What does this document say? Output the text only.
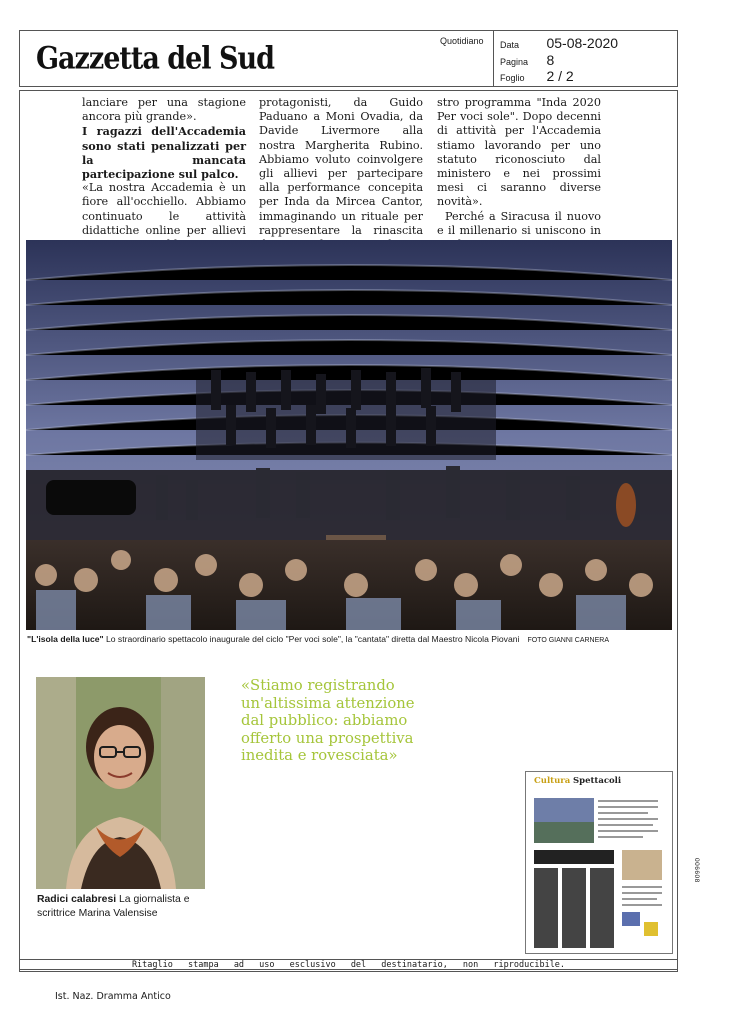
Gazzetta del Sud	Quotidiano Data 05-08-2020
Pagina 8
Foglio 2 / 2

lanciare per una stagione ancora più grande».

I ragazzi dell'Accademia sono stati penalizzati per la mancata partecipazione sul palco.

«La nostra Accademia è un fiore all'occhiello. Abbiamo continuato le attività didattiche online per allievi

protagonisti, da Guido Paduano a Moni Ovadia, da Davide Livermore alla nostra Margherita Rubino. Abbiamo voluto coinvolgere gli allievi per partecipare alla performance concepita per Inda da Mircea Cantor, immaginando un rituale per rappresentare la rinascita

stro programma "Inda 2020 Per voci sole". Dopo decenni di attività per l'Accademia stiamo lavorando per uno statuto riconosciuto dal ministero e nei prossimi mesi ci saranno diverse novità».

Perché a Siracusa il nuovo e il millenario si uniscono in

"L'isola della luce" Lo straordinario spettacolo inaugurale del ciclo "Per voci sole", la "cantata" diretta dal Maestro Nicola Piovani FOTO GIANNI CARNERA
Radici calabresi La giornalista e scrittrice Marina Valensise
«Stiamo registrando un'altissima attenzione dal pubblico: abbiamo offerto una prospettiva inedita e rovesciata»
Cultura Spettacoli
006608
Ritaglio stampa ad uso esclusivo del destinatario, non riproducibile.
Ist. Naz. Dramma Antico
